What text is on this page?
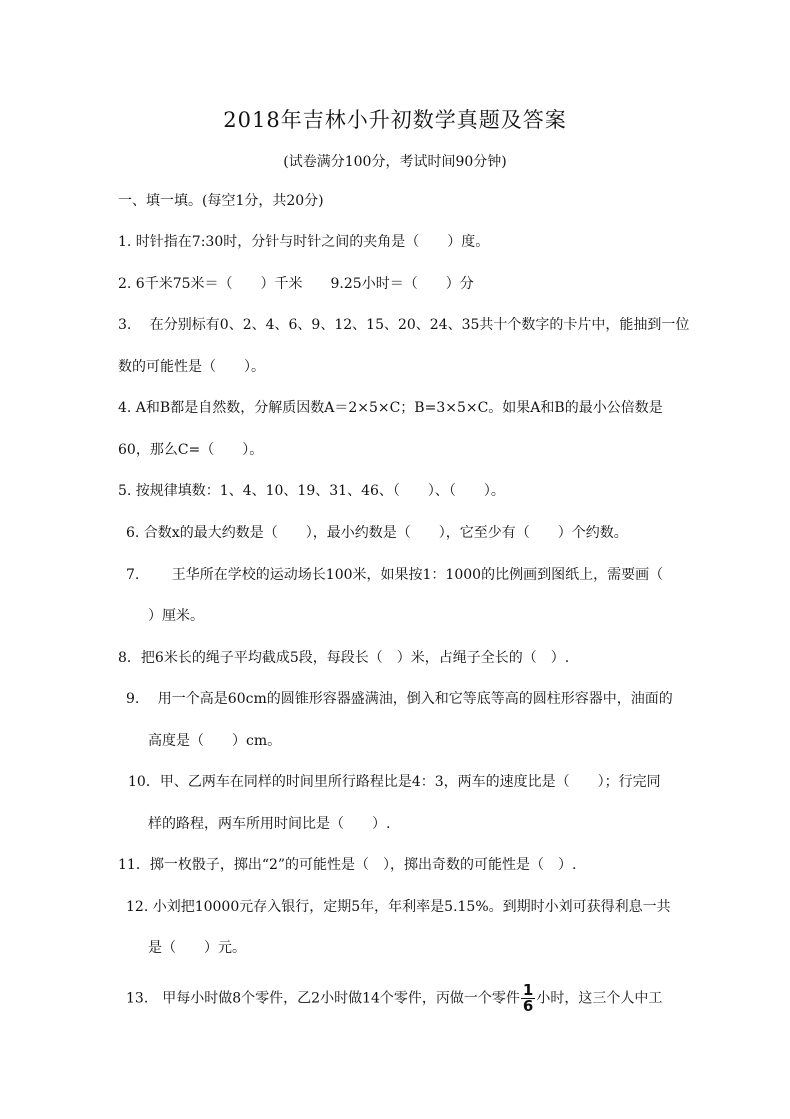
2018年吉林小升初数学真题及答案
(试卷满分100分，考试时间90分钟)
一、填一填。(每空1分，共20分)
1. 时针指在7:30时，分针与时针之间的夹角是（　　）度。
2. 6千米75米＝（　　）千米　　9.25小时＝（　　）分
3.　 在分别标有0、2、4、6、9、12、15、20、24、35共十个数字的卡片中，能抽到一位
数的可能性是（　　）。
4. A和B都是自然数，分解质因数A＝2×5×C；B=3×5×C。如果A和B的最小公倍数是
60，那么C=（　　）。
5. 按规律填数：1、4、10、19、31、46、（　　）、（　　）。
6. 合数x的最大约数是（　　），最小约数是（　　），它至少有（　　）个约数。
7.　　 王华所在学校的运动场长100米，如果按1：1000的比例画到图纸上，需要画（
）厘米。
8．把6米长的绳子平均截成5段，每段长（　）米，占绳子全长的（　）.
9.　 用一个高是60cm的圆锥形容器盛满油，倒入和它等底等高的圆柱形容器中，油面的
高度是（　　）cm。
10．甲、乙两车在同样的时间里所行路程比是4：3，两车的速度比是（　　）；行完同
样的路程，两车所用时间比是（　　）.
11．掷一枚骰子，掷出“2”的可能性是（　），掷出奇数的可能性是（　）.
12. 小刘把10000元存入银行，定期5年，年利率是5.15%。到期时小刘可获得利息一共
是（　　）元。
13.　甲每小时做8个零件，乙2小时做14个零件，丙做一个零件 $\frac{1}{6}$ 小时，这三个人中工
